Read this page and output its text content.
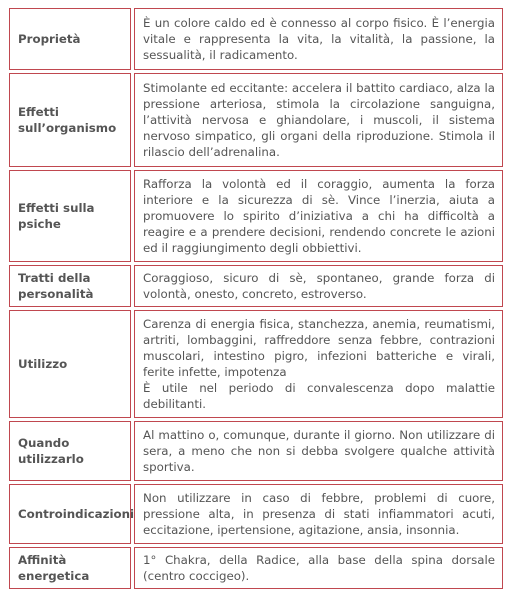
Proprietà	È un colore caldo ed è connesso al corpo fisico. È l’energia vitale e rappresenta la vita, la vitalità, la passione, la sessualità, il radicamento.

Effetti sull’organismo	Stimolante ed eccitante: accelera il battito cardiaco, alza la pressione arteriosa, stimola la circolazione sanguigna, l’attività nervosa e ghiandolare, i muscoli, il sistema nervoso simpatico, gli organi della riproduzione. Stimola il rilascio dell’adrenalina.

Effetti sulla psiche	Rafforza la volontà ed il coraggio, aumenta la forza interiore e la sicurezza di sè. Vince l’inerzia, aiuta a promuovere lo spirito d’iniziativa a chi ha difficoltà a reagire e a prendere decisioni, rendendo concrete le azioni ed il raggiungimento degli obbiettivi.

Tratti della personalità	Coraggioso, sicuro di sè, spontaneo, grande forza di volontà, onesto, concreto, estroverso.

Utilizzo	Carenza di energia fisica, stanchezza, anemia, reumatismi, artriti, lombaggini, raffreddore senza febbre, contrazioni muscolari, intestino pigro, infezioni batteriche e virali, ferite infette, impotenza
È utile nel periodo di convalescenza dopo malattie debilitanti.

Quando utilizzarlo	Al mattino o, comunque, durante il giorno. Non utilizzare di sera, a meno che non si debba svolgere qualche attività sportiva.

Controindicazioni	Non utilizzare in caso di febbre, problemi di cuore, pressione alta, in presenza di stati infiammatori acuti, eccitazione, ipertensione, agitazione, ansia, insonnia.

Affinità energetica	1° Chakra, della Radice, alla base della spina dorsale (centro coccigeo).
